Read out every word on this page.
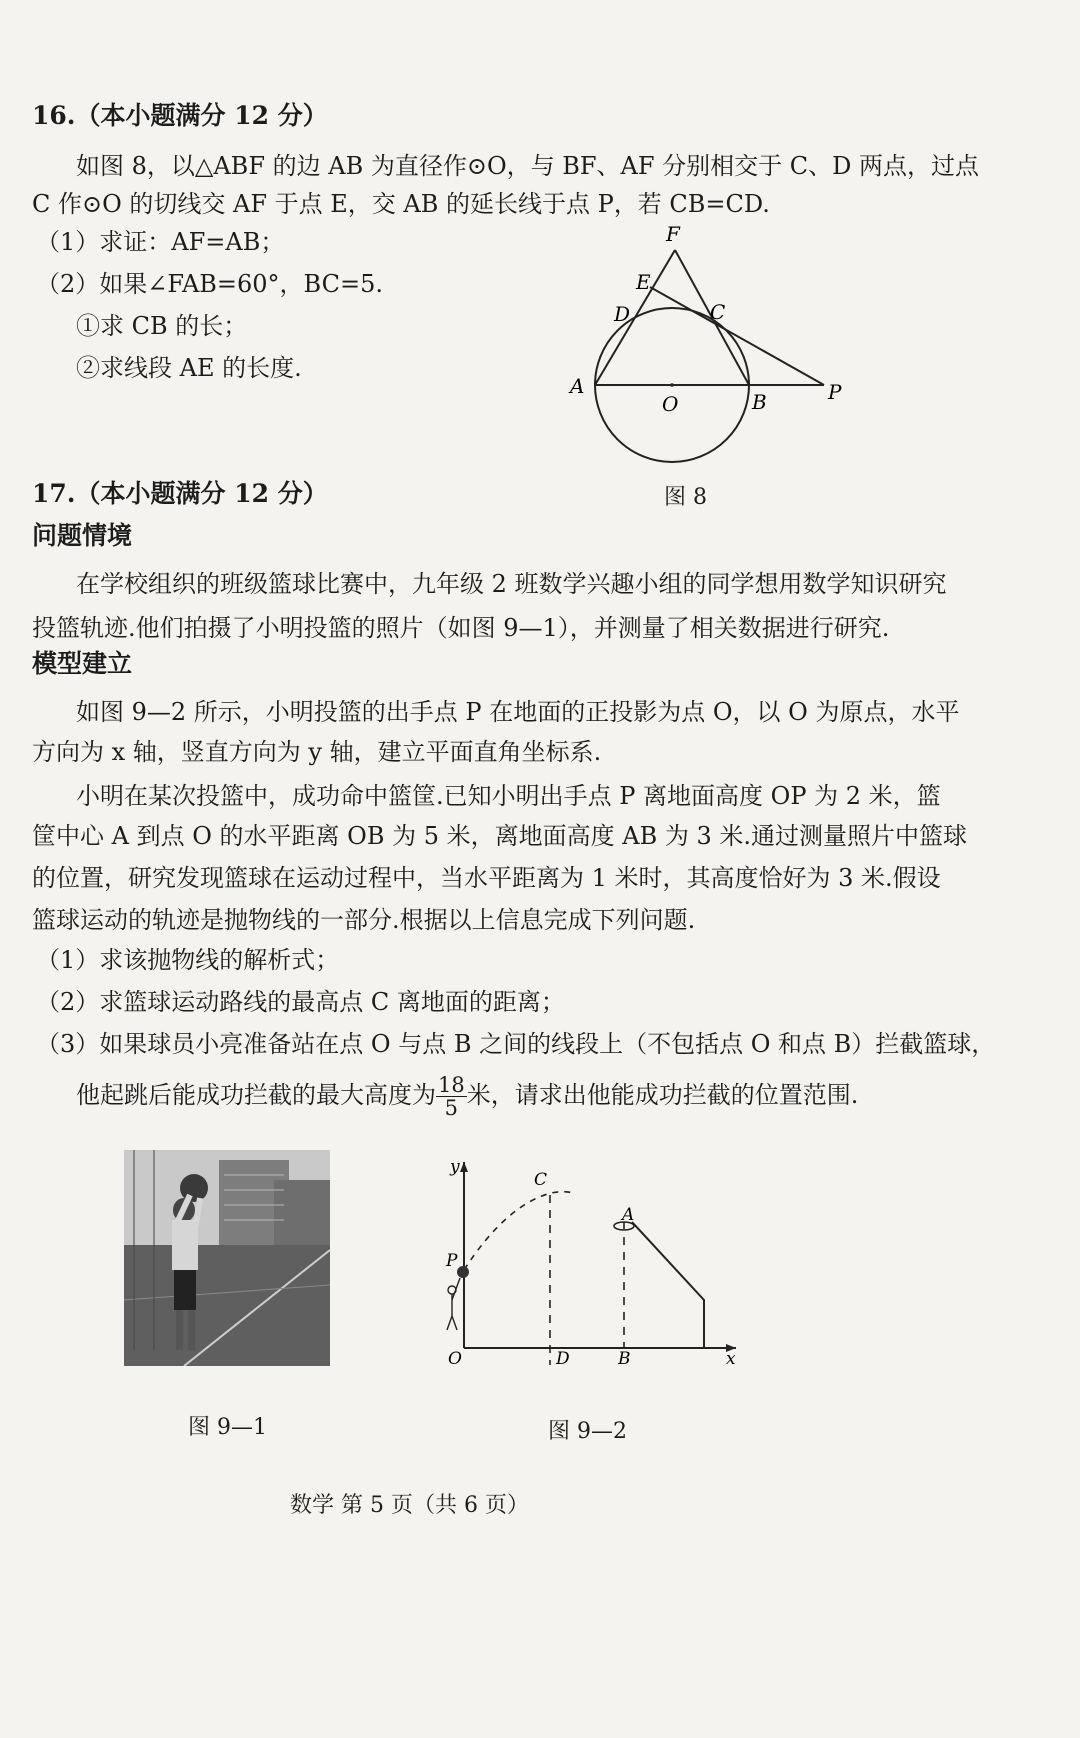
16.（本小题满分 12 分）
如图 8，以△ABF 的边 AB 为直径作⊙O，与 BF、AF 分别相交于 C、D 两点，过点
C 作⊙O 的切线交 AF 于点 E，交 AB 的延长线于点 P，若 CB=CD.
（1）求证：AF=AB；
（2）如果∠FAB=60°，BC=5.
①求 CB 的长；
②求线段 AE 的长度.
F
E
D	C
A
O	B	P
图 8
17.（本小题满分 12 分）
问题情境
在学校组织的班级篮球比赛中，九年级 2 班数学兴趣小组的同学想用数学知识研究
投篮轨迹.他们拍摄了小明投篮的照片（如图 9—1），并测量了相关数据进行研究.
模型建立
如图 9—2 所示，小明投篮的出手点 P 在地面的正投影为点 O，以 O 为原点，水平
方向为 x 轴，竖直方向为 y 轴，建立平面直角坐标系.
小明在某次投篮中，成功命中篮筐.已知小明出手点 P 离地面高度 OP 为 2 米，篮
筐中心 A 到点 O 的水平距离 OB 为 5 米，离地面高度 AB 为 3 米.通过测量照片中篮球
的位置，研究发现篮球在运动过程中，当水平距离为 1 米时，其高度恰好为 3 米.假设
篮球运动的轨迹是抛物线的一部分.根据以上信息完成下列问题.
（1）求该抛物线的解析式；
（2）求篮球运动路线的最高点 C 离地面的距离；
（3）如果球员小亮准备站在点 O 与点 B 之间的线段上（不包括点 O 和点 B）拦截篮球，
他起跳后能成功拦截的最大高度为 $\frac{18}{5}$ 米，请求出他能成功拦截的位置范围.
图 9—1
y
C
A
P
O	D	B	x
图 9—2
数学 第 5 页（共 6 页）
